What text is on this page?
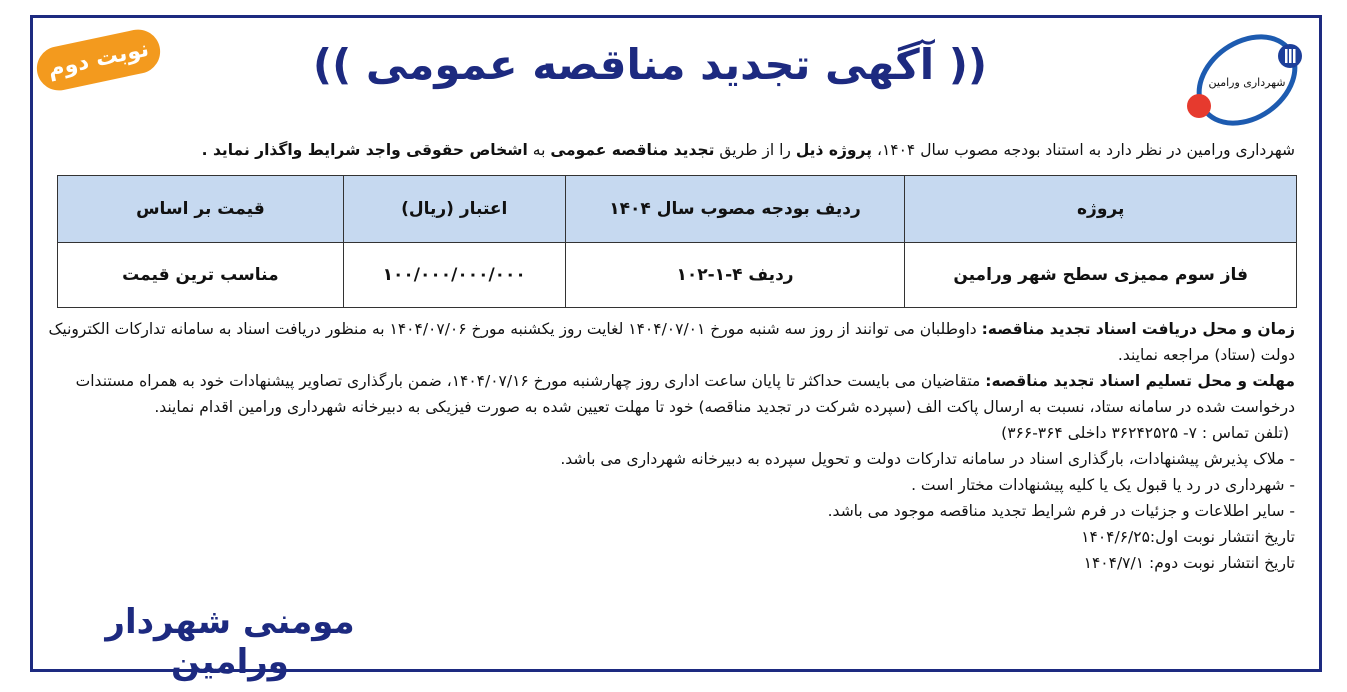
شهرداری ورامین
نوبت دوم	(( آگهی تجدید مناقصه عمومی ))
شهرداری ورامین در نظر دارد به استناد بودجه مصوب سال ۱۴۰۴، پروژه ذیل را از طریق تجدید مناقصه عمومی به اشخاص حقوقی واجد شرایط واگذار نماید .
پروژه	ردیف بودجه مصوب سال ۱۴۰۴	اعتبار (ریال)	قیمت بر اساس
فاز سوم ممیزی سطح شهر ورامین	ردیف ۴-۱-۱۰۲	۱۰۰/۰۰۰/۰۰۰/۰۰۰	مناسب ترین قیمت

زمان و محل دریافت اسناد تجدید مناقصه: داوطلبان می توانند از روز سه شنبه مورخ ۱۴۰۴/۰۷/۰۱ لغایت روز یکشنبه مورخ ۱۴۰۴/۰۷/۰۶ به منظور دریافت اسناد به سامانه تدارکات الکترونیک دولت (ستاد) مراجعه نمایند.

مهلت و محل تسلیم اسناد تجدید مناقصه: متقاضیان می بایست حداکثر تا پایان ساعت اداری روز چهارشنبه مورخ ۱۴۰۴/۰۷/۱۶، ضمن بارگذاری تصاویر پیشنهادات خود به همراه مستندات درخواست شده در سامانه ستاد، نسبت به ارسال پاکت الف (سپرده شرکت در تجدید مناقصه) خود تا مهلت تعیین شده به صورت فیزیکی به دبیرخانه شهرداری ورامین اقدام نمایند.

(تلفن تماس : ۷- ۳۶۲۴۲۵۲۵ داخلی ۳۶۴-۳۶۶)

- ملاک پذیرش پیشنهادات، بارگذاری اسناد در سامانه تدارکات دولت و تحویل سپرده به دبیرخانه شهرداری می باشد.

- شهرداری در رد یا قبول یک یا کلیه پیشنهادات مختار است .

- سایر اطلاعات و جزئیات در فرم شرایط تجدید مناقصه موجود می باشد.

تاریخ انتشار نوبت اول:۱۴۰۴/۶/۲۵

تاریخ انتشار نوبت دوم: ۱۴۰۴/۷/۱

مومنی شهردار ورامین
